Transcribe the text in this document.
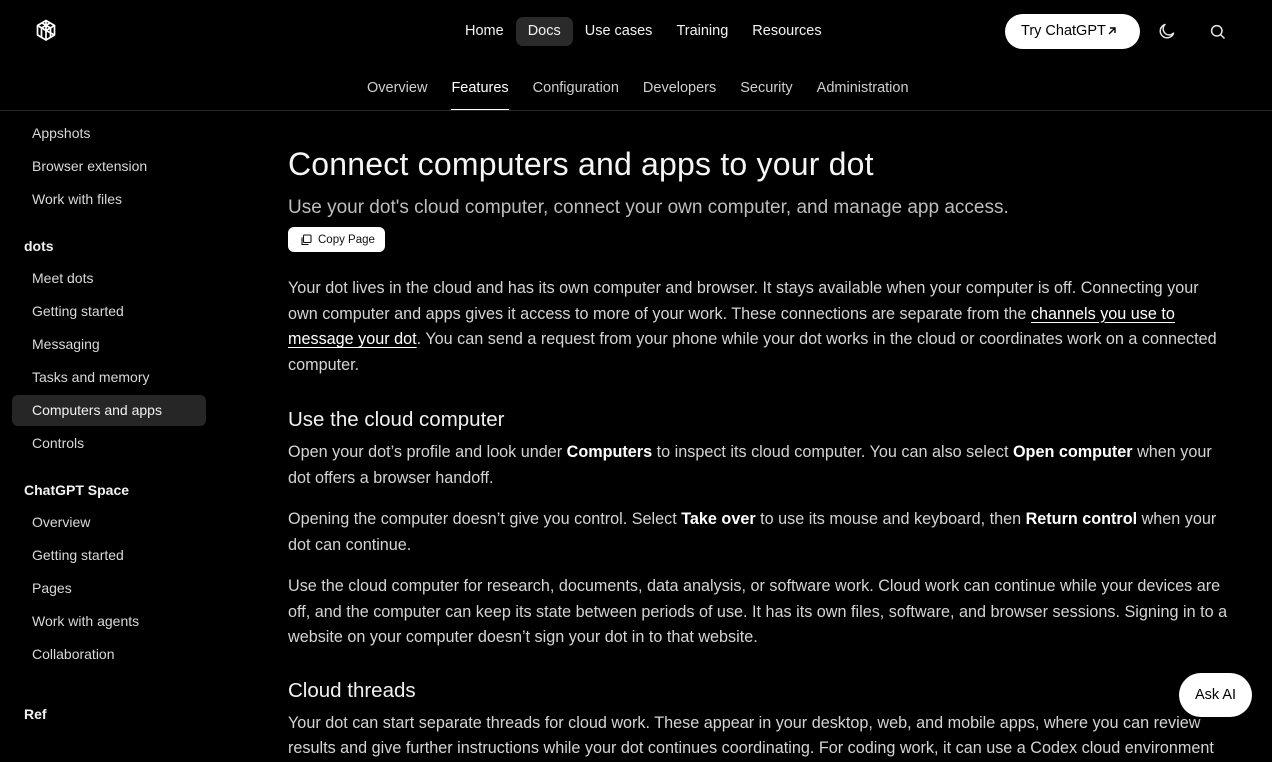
Home	Docs	Use cases	Training	Resources	Try ChatGPT
Overview Features Configuration Developers Security Administration
Appshots
Browser extension
Work with files
dots
Meet dots
Getting started
Messaging
Tasks and memory
Computers and apps
Controls
ChatGPT Space
Overview
Getting started
Pages
Work with agents
Collaboration
Ref
Connect computers and apps to your dot
Use your dot's cloud computer, connect your own computer, and manage app access.
Copy Page

Your dot lives in the cloud and has its own computer and browser. It stays available when your computer is off. Connecting your own computer and apps gives it access to more of your work. These connections are separate from the channels you use to message your dot. You can send a request from your phone while your dot works in the cloud or coordinates work on a connected computer.

Use the cloud computer

Open your dot’s profile and look under Computers to inspect its cloud computer. You can also select Open computer when your dot offers a browser handoff.

Opening the computer doesn’t give you control. Select Take over to use its mouse and keyboard, then Return control when your dot can continue.

Use the cloud computer for research, documents, data analysis, or software work. Cloud work can continue while your devices are off, and the computer can keep its state between periods of use. It has its own files, software, and browser sessions. Signing in to a website on your computer doesn’t sign your dot in to that website.

Cloud threads

Your dot can start separate threads for cloud work. These appear in your desktop, web, and mobile apps, where you can review results and give further instructions while your dot continues coordinating. For coding work, it can use a Codex cloud environment

Ask AI
